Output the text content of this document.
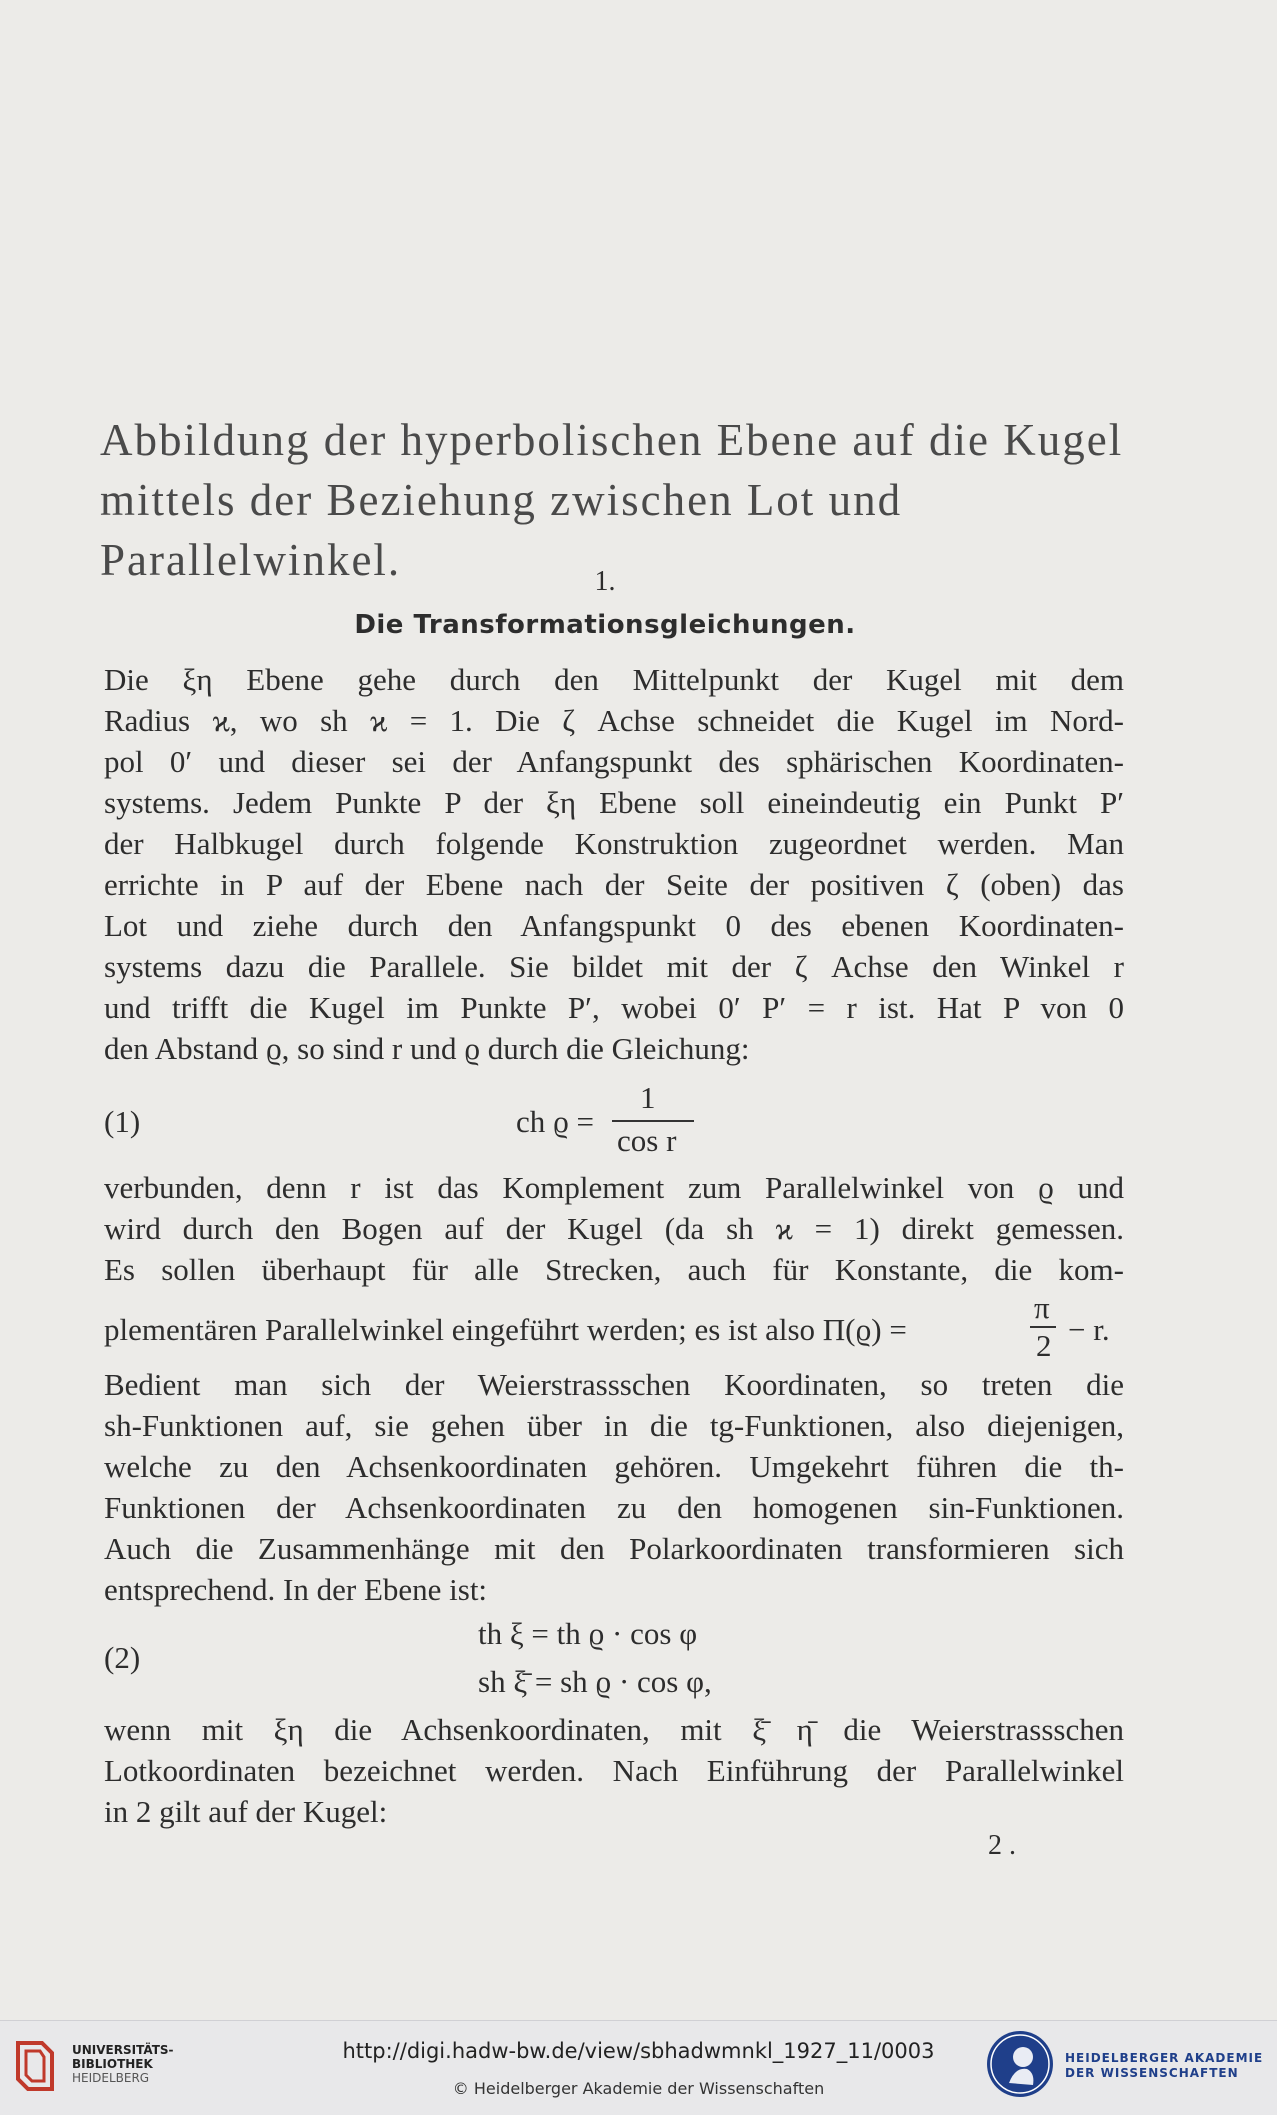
Abbildung der hyperbolischen Ebene auf die Kugel
mittels der Beziehung zwischen Lot und Parallelwinkel.	1.
Die Transformationsgleichungen.
Die ξη Ebene gehe durch den Mittelpunkt der Kugel mit dem
Radius ϰ, wo sh ϰ = 1. Die ζ Achse schneidet die Kugel im Nord-
pol 0′ und dieser sei der Anfangspunkt des sphärischen Koordinaten-
systems. Jedem Punkte P der ξη Ebene soll eineindeutig ein Punkt P′
der Halbkugel durch folgende Konstruktion zugeordnet werden. Man
errichte in P auf der Ebene nach der Seite der positiven ζ (oben) das
Lot und ziehe durch den Anfangspunkt 0 des ebenen Koordinaten-
systems dazu die Parallele. Sie bildet mit der ζ Achse den Winkel r
und trifft die Kugel im Punkte P′, wobei 0′ P′ = r ist. Hat P von 0
den Abstand ϱ, so sind r und ϱ durch die Gleichung:
(1)	ch ϱ =
1
cos r
verbunden, denn r ist das Komplement zum Parallelwinkel von ϱ und
wird durch den Bogen auf der Kugel (da sh ϰ = 1) direkt gemessen.
Es sollen überhaupt für alle Strecken, auch für Konstante, die kom-
plementären Parallelwinkel eingeführt werden; es ist also Π(ϱ) =
π
2 − r.
Bedient man sich der Weierstrassschen Koordinaten, so treten die
sh-Funktionen auf, sie gehen über in die tg-Funktionen, also diejenigen,
welche zu den Achsenkoordinaten gehören. Umgekehrt führen die th-
Funktionen der Achsenkoordinaten zu den homogenen sin-Funktionen.
Auch die Zusammenhänge mit den Polarkoordinaten transformieren sich
entsprechend. In der Ebene ist:
(2)
th ξ = th ϱ · cos φ
sh ξ̄ = sh ϱ · cos φ,
wenn mit ξη die Achsenkoordinaten, mit ξ̄ η̄ die Weierstrassschen
Lotkoordinaten bezeichnet werden. Nach Einführung der Parallelwinkel
in 2 gilt auf der Kugel:
2 .
UNIVERSITÄTS-
BIBLIOTHEK
HEIDELBERG
http://digi.hadw-bw.de/view/sbhadwmnkl_1927_11/0003
© Heidelberger Akademie der Wissenschaften
HEIDELBERGER AKADEMIE
DER WISSENSCHAFTEN
